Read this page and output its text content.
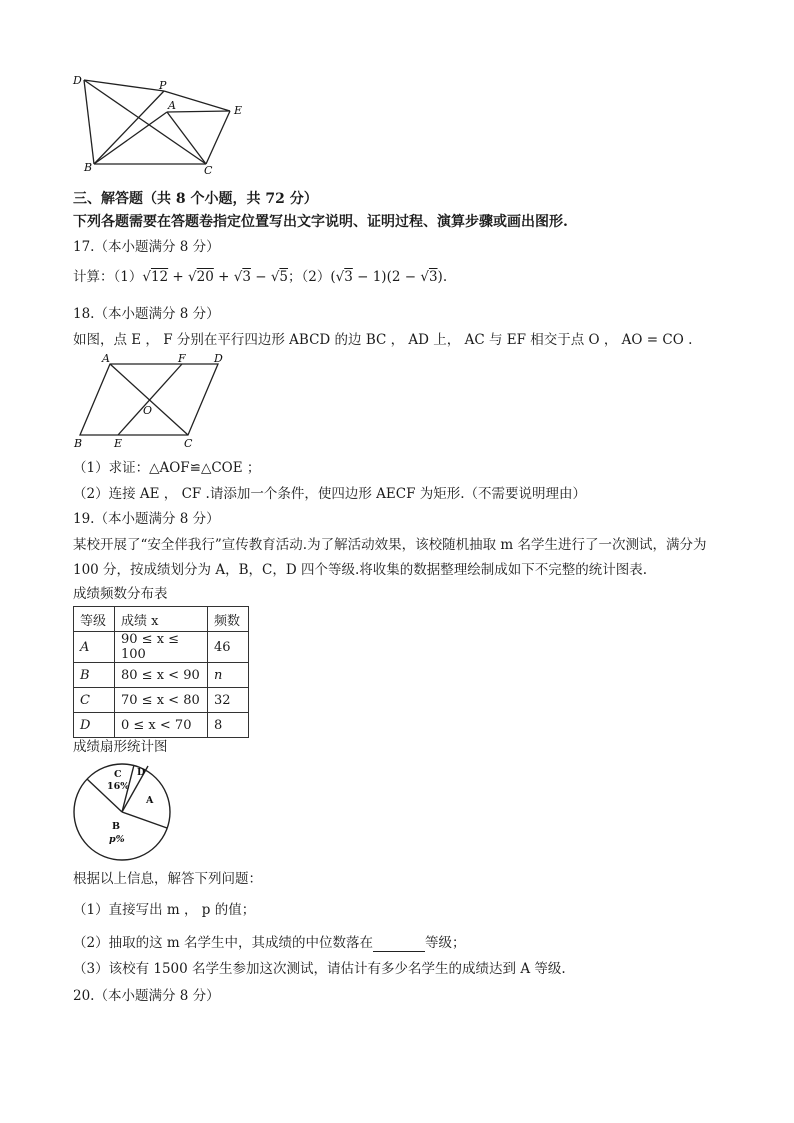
D	P
A	E
B	C
三、解答题（共 8 个小题，共 72 分）
下列各题需要在答题卷指定位置写出文字说明、证明过程、演算步骤或画出图形.
17.（本小题满分 8 分）
计算：（1）√12 + √20 + √3 − √5；（2）(√3 − 1)(2 − √3).
18.（本小题满分 8 分）
如图，点 E ， F 分别在平行四边形 ABCD 的边 BC ， AD 上， AC 与 EF 相交于点 O ， AO = CO .
A	F	D
O
B	E	C
（1）求证：△AOF≌△COE ；
（2）连接 AE ， CF .请添加一个条件，使四边形 AECF 为矩形.（不需要说明理由）
19.（本小题满分 8 分）
某校开展了“安全伴我行”宣传教育活动.为了解活动效果，该校随机抽取 m 名学生进行了一次测试，满分为
100 分，按成绩划分为 A，B，C，D 四个等级.将收集的数据整理绘制成如下不完整的统计图表.
成绩频数分布表
等级	成绩 x	频数
A	90 ≤ x ≤ 100	46
B	80 ≤ x < 90	n
C	70 ≤ x < 80	32
D	0 ≤ x < 70	8
成绩扇形统计图
C
16%
D
A
B
p%
根据以上信息，解答下列问题：
（1）直接写出 m ， p 的值；
（2）抽取的这 m 名学生中，其成绩的中位数落在	等级；
（3）该校有 1500 名学生参加这次测试，请估计有多少名学生的成绩达到 A 等级.
20.（本小题满分 8 分）
